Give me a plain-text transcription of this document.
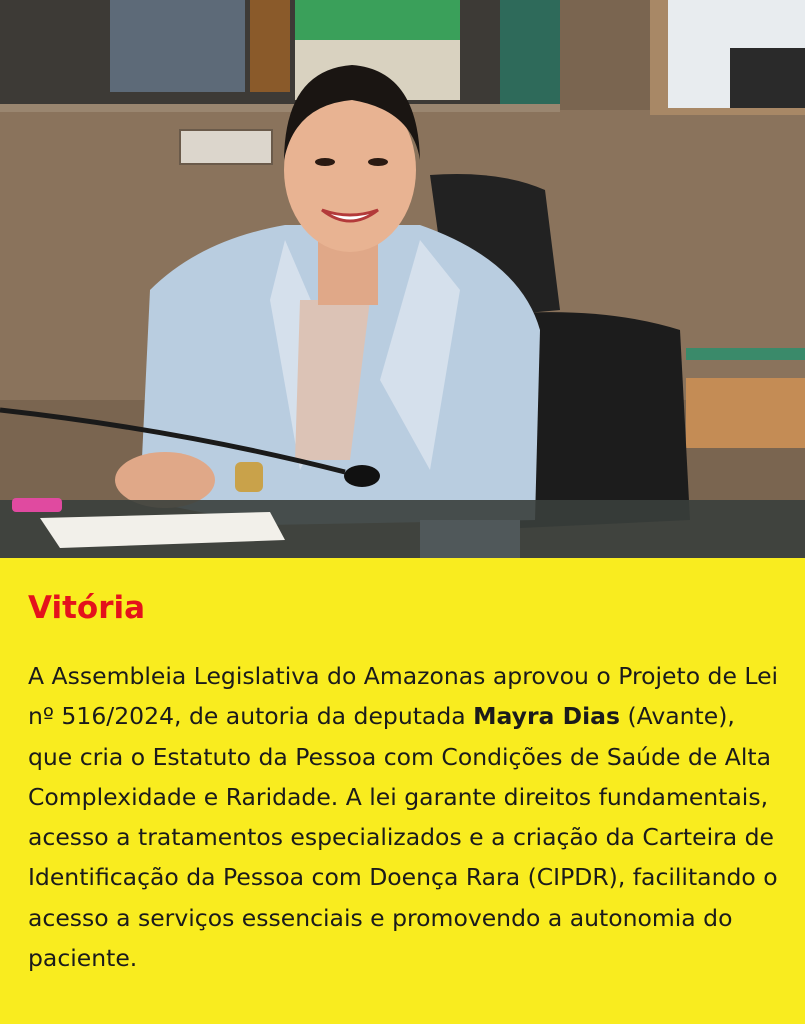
Vitória

A Assembleia Legislativa do Amazonas aprovou o Projeto de Lei nº 516/2024, de autoria da deputada Mayra Dias (Avante), que cria o Estatuto da Pessoa com Condições de Saúde de Alta Complexidade e Raridade. A lei garante direitos fundamentais, acesso a tratamentos especializados e a criação da Carteira de Identificação da Pessoa com Doença Rara (CIPDR), facilitando o acesso a serviços essenciais e promovendo a autonomia do paciente.
